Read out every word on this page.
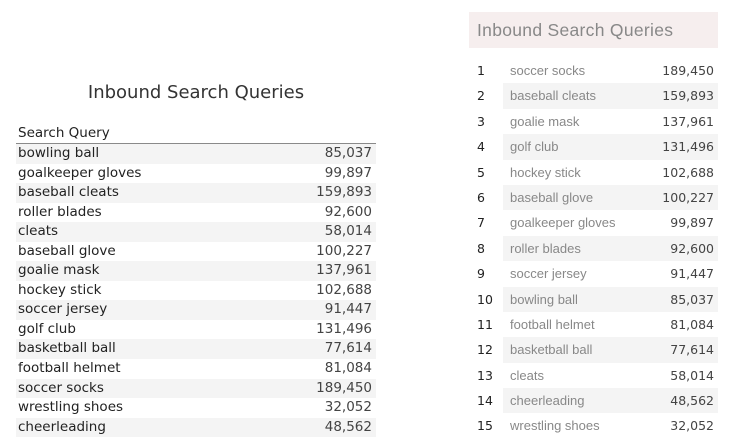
Inbound Search Queries
Search Query
bowling ball	85,037
goalkeeper gloves	99,897
baseball cleats	159,893
roller blades	92,600
cleats	58,014
baseball glove	100,227
goalie mask	137,961
hockey stick	102,688
soccer jersey	91,447
golf club	131,496
basketball ball	77,614
football helmet	81,084
soccer socks	189,450
wrestling shoes	32,052
cheerleading	48,562
Inbound Search Queries
1	soccer socks	189,450
2	baseball cleats	159,893
3	goalie mask	137,961
4	golf club	131,496
5	hockey stick	102,688
6	baseball glove	100,227
7	goalkeeper gloves	99,897
8	roller blades	92,600
9	soccer jersey	91,447
10	bowling ball	85,037
11	football helmet	81,084
12	basketball ball	77,614
13	cleats	58,014
14	cheerleading	48,562
15	wrestling shoes	32,052
